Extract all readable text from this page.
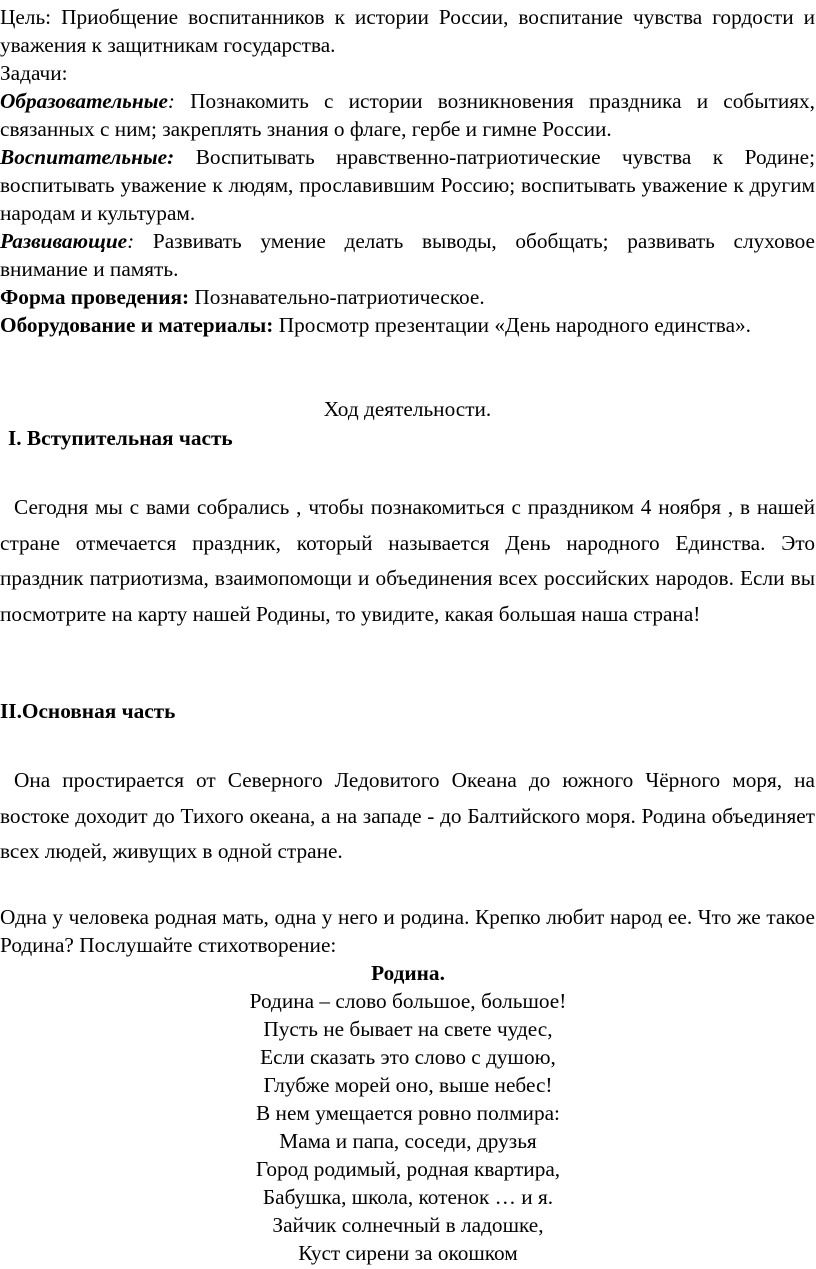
Цель: Приобщение воспитанников к истории России, воспитание чувства гордости и уважения к защитникам государства.

Задачи:

Образовательные: Познакомить с истории возникновения праздника и событиях, связанных с ним; закреплять знания о флаге, гербе и гимне России.

Воспитательные: Воспитывать нравственно-патриотические чувства к Родине; воспитывать уважение к людям, прославившим Россию; воспитывать уважение к другим народам и культурам.

Развивающие: Развивать умение делать выводы, обобщать; развивать слуховое внимание и память.

Форма проведения: Познавательно-патриотическое.

Оборудование и материалы: Просмотр презентации «День народного единства».

Ход деятельности.

I. Вступительная часть

Сегодня мы с вами собрались , чтобы познакомиться с праздником 4 ноября , в нашей стране отмечается праздник, который называется День народного Единства. Это праздник патриотизма, взаимопомощи и объединения всех российских народов. Если вы посмотрите на карту нашей Родины, то увидите, какая большая наша страна!

II.Основная часть

Она простирается от Северного Ледовитого Океана до южного Чёрного моря, на востоке доходит до Тихого океана, а на западе - до Балтийского моря. Родина объединяет всех людей, живущих в одной стране.

Одна у человека родная мать, одна у него и родина. Крепко любит народ ее. Что же такое Родина? Послушайте стихотворение:

Родина.
Родина – слово большое, большое!
Пусть не бывает на свете чудес,
Если сказать это слово с душою,
Глубже морей оно, выше небес!
В нем умещается ровно полмира:
Мама и папа, соседи, друзья
Город родимый, родная квартира,
Бабушка, школа, котенок … и я.
Зайчик солнечный в ладошке,
Куст сирени за окошком
